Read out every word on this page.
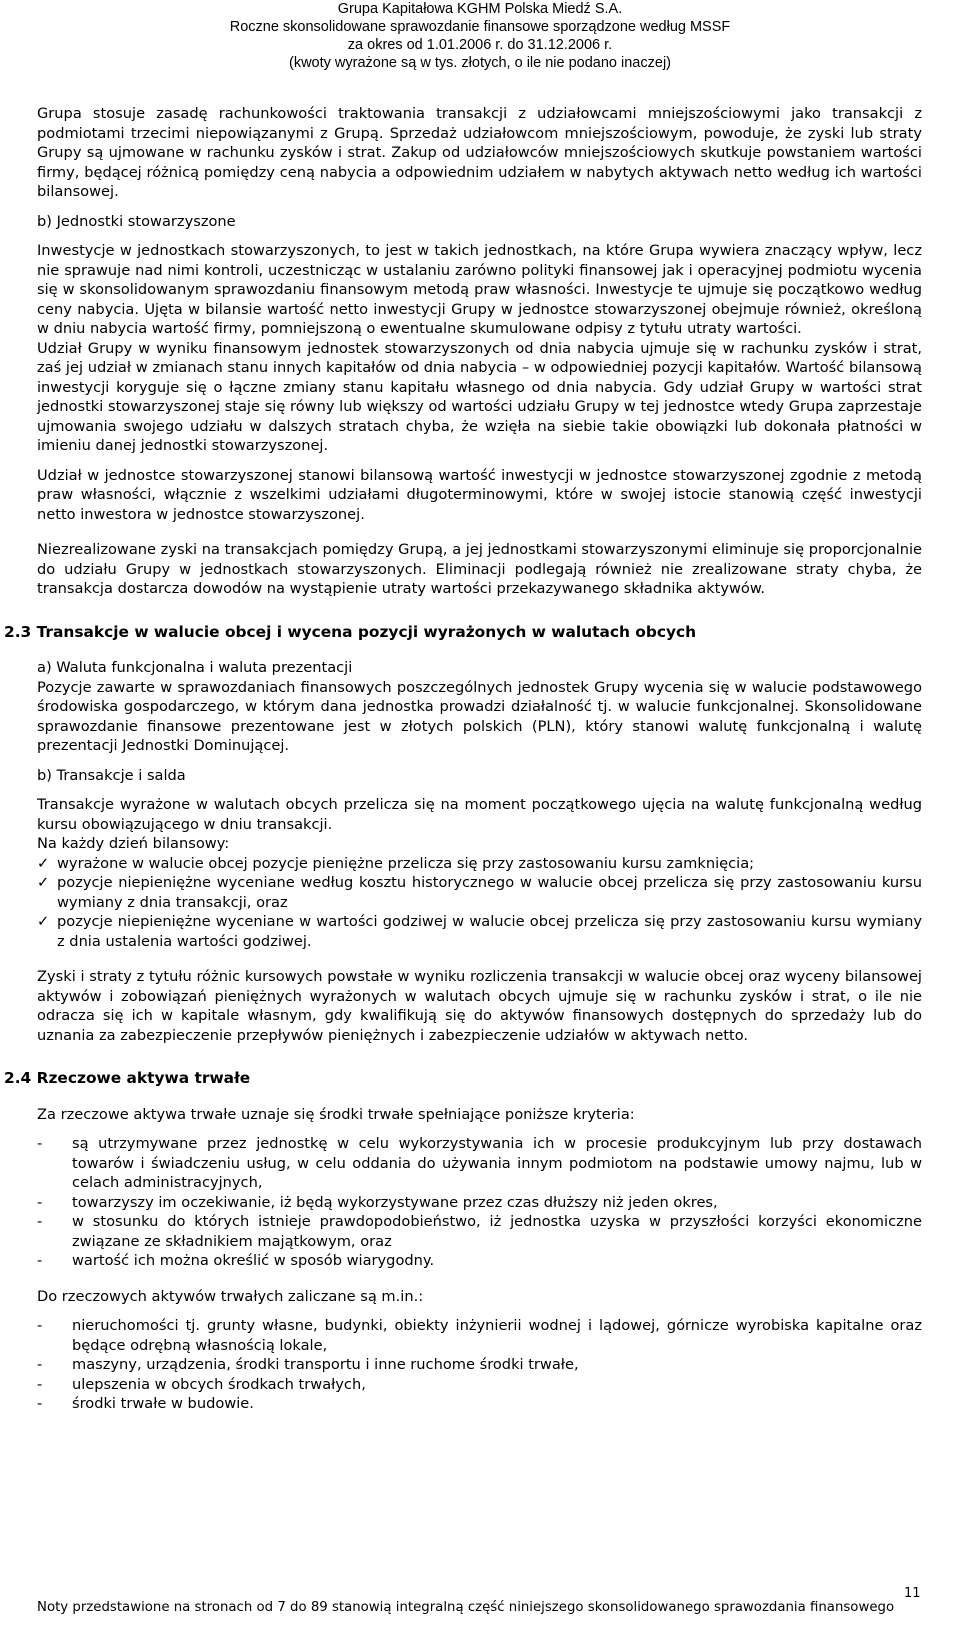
Grupa Kapitałowa KGHM Polska Miedź S.A.
Roczne skonsolidowane sprawozdanie finansowe sporządzone według MSSF
za okres od 1.01.2006 r. do 31.12.2006 r.
(kwoty wyrażone są w tys. złotych, o ile nie podano inaczej)

Grupa stosuje zasadę rachunkowości traktowania transakcji z udziałowcami mniejszościowymi jako transakcji z podmiotami trzecimi niepowiązanymi z Grupą. Sprzedaż udziałowcom mniejszościowym, powoduje, że zyski lub straty Grupy są ujmowane w rachunku zysków i strat. Zakup od udziałowców mniejszościowych skutkuje powstaniem wartości firmy, będącej różnicą pomiędzy ceną nabycia a odpowiednim udziałem w nabytych aktywach netto według ich wartości bilansowej.

b) Jednostki stowarzyszone

Inwestycje w jednostkach stowarzyszonych, to jest w takich jednostkach, na które Grupa wywiera znaczący wpływ, lecz nie sprawuje nad nimi kontroli, uczestnicząc w ustalaniu zarówno polityki finansowej jak i operacyjnej podmiotu wycenia się w skonsolidowanym sprawozdaniu finansowym metodą praw własności. Inwestycje te ujmuje się początkowo według ceny nabycia. Ujęta w bilansie wartość netto inwestycji Grupy w jednostce stowarzyszonej obejmuje również, określoną w dniu nabycia wartość firmy, pomniejszoną o ewentualne skumulowane odpisy z tytułu utraty wartości.

Udział Grupy w wyniku finansowym jednostek stowarzyszonych od dnia nabycia ujmuje się w rachunku zysków i strat, zaś jej udział w zmianach stanu innych kapitałów od dnia nabycia – w odpowiedniej pozycji kapitałów. Wartość bilansową inwestycji koryguje się o łączne zmiany stanu kapitału własnego od dnia nabycia. Gdy udział Grupy w wartości strat jednostki stowarzyszonej staje się równy lub większy od wartości udziału Grupy w tej jednostce wtedy Grupa zaprzestaje ujmowania swojego udziału w dalszych stratach chyba, że wzięła na siebie takie obowiązki lub dokonała płatności w imieniu danej jednostki stowarzyszonej.

Udział w jednostce stowarzyszonej stanowi bilansową wartość inwestycji w jednostce stowarzyszonej zgodnie z metodą praw własności, włącznie z wszelkimi udziałami długoterminowymi, które w swojej istocie stanowią część inwestycji netto inwestora w jednostce stowarzyszonej.

Niezrealizowane zyski na transakcjach pomiędzy Grupą, a jej jednostkami stowarzyszonymi eliminuje się proporcjonalnie do udziału Grupy w jednostkach stowarzyszonych. Eliminacji podlegają również nie zrealizowane straty chyba, że transakcja dostarcza dowodów na wystąpienie utraty wartości przekazywanego składnika aktywów.

2.3 Transakcje w walucie obcej i wycena pozycji wyrażonych w walutach obcych

a) Waluta funkcjonalna i waluta prezentacji

Pozycje zawarte w sprawozdaniach finansowych poszczególnych jednostek Grupy wycenia się w walucie podstawowego środowiska gospodarczego, w którym dana jednostka prowadzi działalność tj. w walucie funkcjonalnej. Skonsolidowane sprawozdanie finansowe prezentowane jest w złotych polskich (PLN), który stanowi walutę funkcjonalną i walutę prezentacji Jednostki Dominującej.

b) Transakcje i salda

Transakcje wyrażone w walutach obcych przelicza się na moment początkowego ujęcia na walutę funkcjonalną według kursu obowiązującego w dniu transakcji.

Na każdy dzień bilansowy:

✓ wyrażone w walucie obcej pozycje pieniężne przelicza się przy zastosowaniu kursu zamknięcia;
✓ pozycje niepieniężne wyceniane według kosztu historycznego w walucie obcej przelicza się przy zastosowaniu kursu wymiany z dnia transakcji, oraz
✓ pozycje niepieniężne wyceniane w wartości godziwej w walucie obcej przelicza się przy zastosowaniu kursu wymiany z dnia ustalenia wartości godziwej.

Zyski i straty z tytułu różnic kursowych powstałe w wyniku rozliczenia transakcji w walucie obcej oraz wyceny bilansowej aktywów i zobowiązań pieniężnych wyrażonych w walutach obcych ujmuje się w rachunku zysków i strat, o ile nie odracza się ich w kapitale własnym, gdy kwalifikują się do aktywów finansowych dostępnych do sprzedaży lub do uznania za zabezpieczenie przepływów pieniężnych i zabezpieczenie udziałów w aktywach netto.

2.4 Rzeczowe aktywa trwałe

Za rzeczowe aktywa trwałe uznaje się środki trwałe spełniające poniższe kryteria:

- są utrzymywane przez jednostkę w celu wykorzystywania ich w procesie produkcyjnym lub przy dostawach towarów i świadczeniu usług, w celu oddania do używania innym podmiotom na podstawie umowy najmu, lub w celach administracyjnych,
- towarzyszy im oczekiwanie, iż będą wykorzystywane przez czas dłuższy niż jeden okres,
- w stosunku do których istnieje prawdopodobieństwo, iż jednostka uzyska w przyszłości korzyści ekonomiczne związane ze składnikiem majątkowym, oraz
- wartość ich można określić w sposób wiarygodny.

Do rzeczowych aktywów trwałych zaliczane są m.in.:

- nieruchomości tj. grunty własne, budynki, obiekty inżynierii wodnej i lądowej, górnicze wyrobiska kapitalne oraz będące odrębną własnością lokale,
- maszyny, urządzenia, środki transportu i inne ruchome środki trwałe,
- ulepszenia w obcych środkach trwałych,
- środki trwałe w budowie.
11
Noty przedstawione na stronach od 7 do 89 stanowią integralną część niniejszego skonsolidowanego sprawozdania finansowego
